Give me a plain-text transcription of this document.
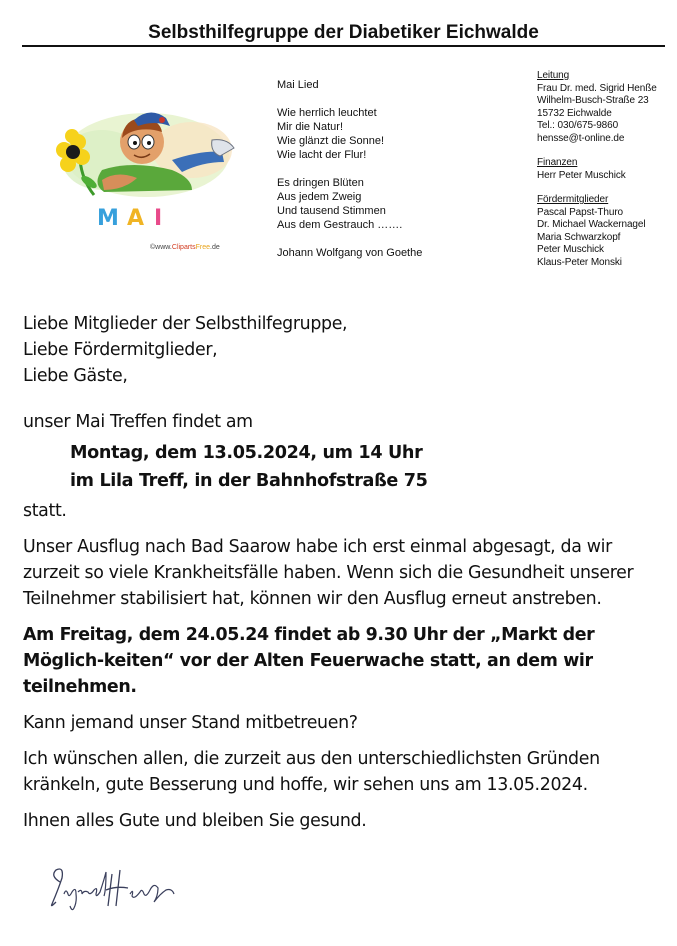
Selbsthilfegruppe der Diabetiker Eichwalde
M A I
©www.ClipartsFree.de
Mai Lied
Wie herrlich leuchtet
Mir die Natur!
Wie glänzt die Sonne!
Wie lacht der Flur!
Es dringen Blüten
Aus jedem Zweig
Und tausend Stimmen
Aus dem Gestrauch …….
Johann Wolfgang von Goethe
Leitung
Frau Dr. med. Sigrid Henße
Wilhelm-Busch-Straße 23
15732 Eichwalde
Tel.: 030/675-9860
hensse@t-online.de
Finanzen
Herr Peter Muschick
Fördermitglieder
Pascal Papst-Thuro
Dr. Michael Wackernagel
Maria Schwarzkopf
Peter Muschick
Klaus-Peter Monski

Liebe Mitglieder der Selbsthilfegruppe,
Liebe Fördermitglieder,
Liebe Gäste,

unser Mai Treffen findet am

Montag, dem 13.05.2024, um 14 Uhr
im Lila Treff, in der Bahnhofstraße 75

statt.

Unser Ausflug nach Bad Saarow habe ich erst einmal abgesagt, da wir zurzeit so viele Krankheitsfälle haben. Wenn sich die Gesundheit unserer Teilnehmer stabilisiert hat, können wir den Ausflug erneut anstreben.

Am Freitag, dem 24.05.24 findet ab 9.30 Uhr der „Markt der Möglich-keiten“ vor der Alten Feuerwache statt, an dem wir teilnehmen.

Kann jemand unser Stand mitbetreuen?

Ich wünschen allen, die zurzeit aus den unterschiedlichsten Gründen kränkeln, gute Besserung und hoffe, wir sehen uns am 13.05.2024.

Ihnen alles Gute und bleiben Sie gesund.
